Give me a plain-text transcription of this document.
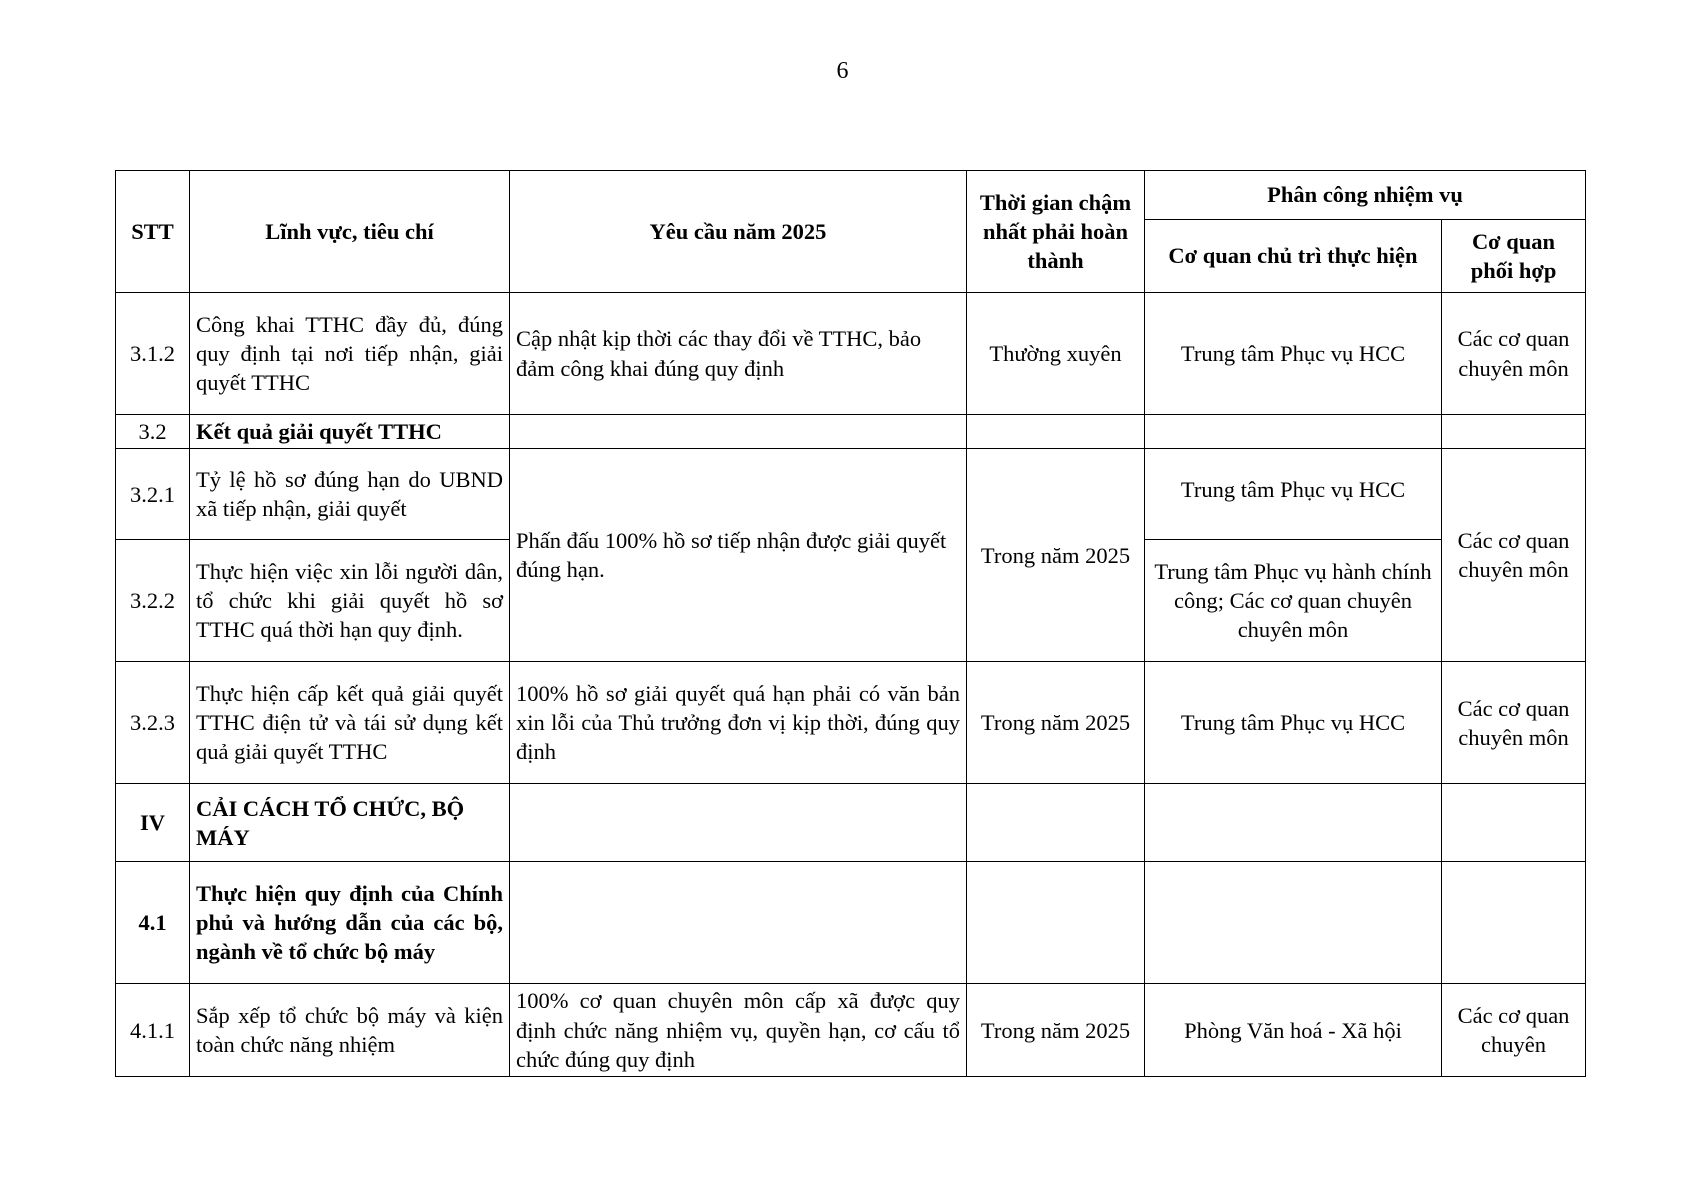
6
STT	Lĩnh vực, tiêu chí	Yêu cầu năm 2025	Thời gian chậm nhất phải hoàn thành	Phân công nhiệm vụ	
				Cơ quan chủ trì thực hiện	Cơ quan phối hợp
3.1.2	Công khai TTHC đầy đủ, đúng quy định tại nơi tiếp nhận, giải quyết TTHC	Cập nhật kịp thời các thay đổi về TTHC, bảo đảm công khai đúng quy định	Thường xuyên	Trung tâm Phục vụ HCC	Các cơ quan chuyên môn
3.2	Kết quả giải quyết TTHC				
3.2.1	Tỷ lệ hồ sơ đúng hạn do UBND xã tiếp nhận, giải quyết	Phấn đấu 100% hồ sơ tiếp nhận được giải quyết đúng hạn.	Trong năm 2025	Trung tâm Phục vụ HCC	Các cơ quan chuyên môn
3.2.2	Thực hiện việc xin lỗi người dân, tổ chức khi giải quyết hồ sơ TTHC quá thời hạn quy định.			Trung tâm Phục vụ hành chính công; Các cơ quan chuyên chuyên môn	
3.2.3	Thực hiện cấp kết quả giải quyết TTHC điện tử và tái sử dụng kết quả giải quyết TTHC	100% hồ sơ giải quyết quá hạn phải có văn bản xin lỗi của Thủ trưởng đơn vị kịp thời, đúng quy định	Trong năm 2025	Trung tâm Phục vụ HCC	Các cơ quan chuyên môn
IV	CẢI CÁCH TỔ CHỨC, BỘ MÁY				
4.1	Thực hiện quy định của Chính phủ và hướng dẫn của các bộ, ngành về tổ chức bộ máy				
4.1.1	Sắp xếp tổ chức bộ máy và kiện toàn chức năng nhiệm	100% cơ quan chuyên môn cấp xã được quy định chức năng nhiệm vụ, quyền hạn, cơ cấu tổ chức đúng quy định	Trong năm 2025	Phòng Văn hoá - Xã hội	Các cơ quan chuyên
